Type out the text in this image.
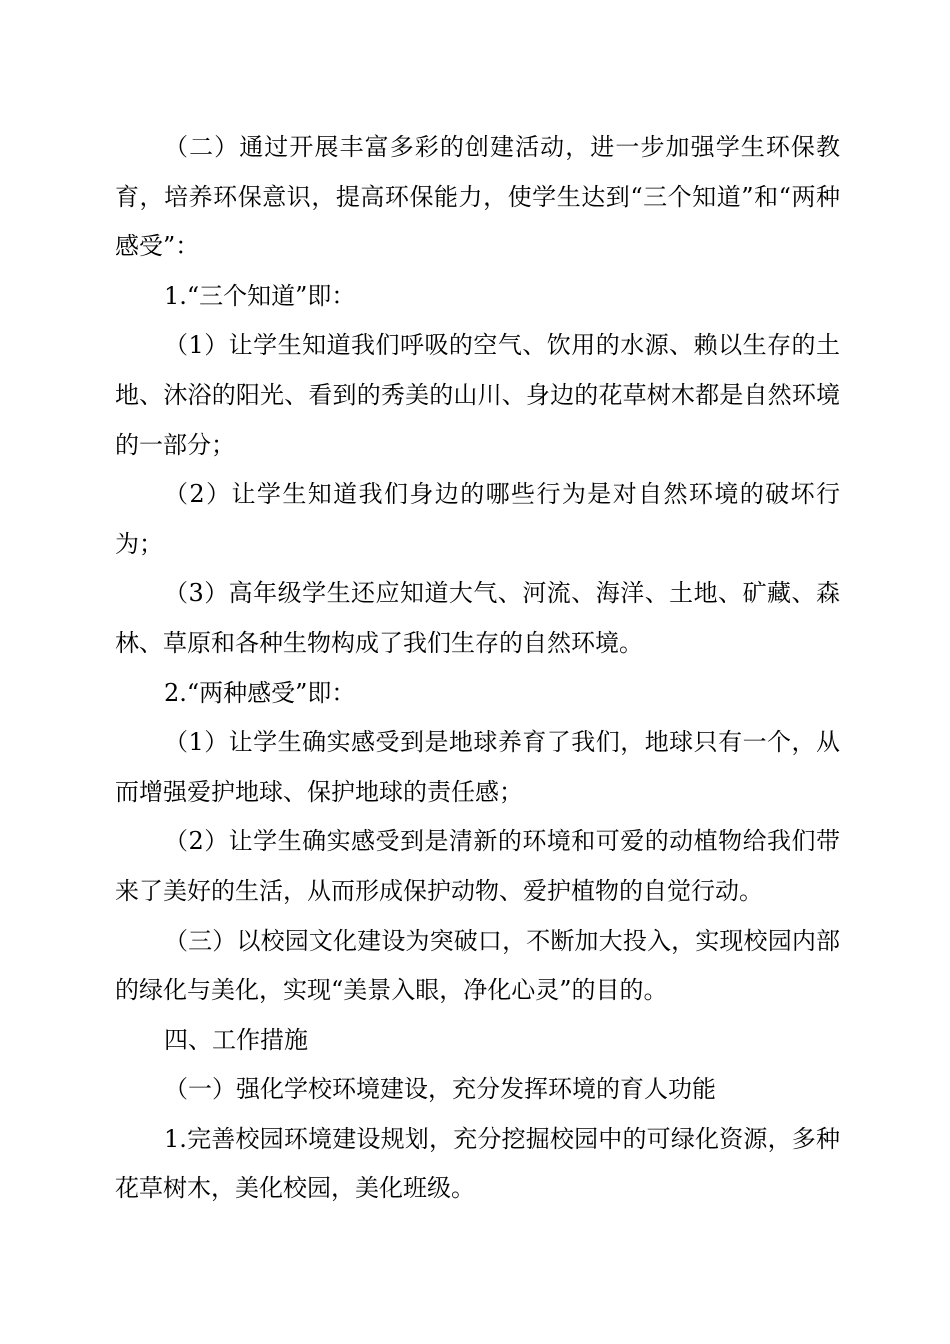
（二）通过开展丰富多彩的创建活动，进一步加强学生环保教育，培养环保意识，提高环保能力，使学生达到“三个知道”和“两种感受”：

1.“三个知道”即：

（1）让学生知道我们呼吸的空气、饮用的水源、赖以生存的土地、沐浴的阳光、看到的秀美的山川、身边的花草树木都是自然环境的一部分；

（2）让学生知道我们身边的哪些行为是对自然环境的破坏行为；

（3）高年级学生还应知道大气、河流、海洋、土地、矿藏、森林、草原和各种生物构成了我们生存的自然环境。

2.“两种感受”即：

（1）让学生确实感受到是地球养育了我们，地球只有一个，从而增强爱护地球、保护地球的责任感；

（2）让学生确实感受到是清新的环境和可爱的动植物给我们带来了美好的生活，从而形成保护动物、爱护植物的自觉行动。

（三）以校园文化建设为突破口，不断加大投入，实现校园内部的绿化与美化，实现“美景入眼，净化心灵”的目的。

四、工作措施

（一）强化学校环境建设，充分发挥环境的育人功能

1.完善校园环境建设规划，充分挖掘校园中的可绿化资源，多种花草树木，美化校园，美化班级。
